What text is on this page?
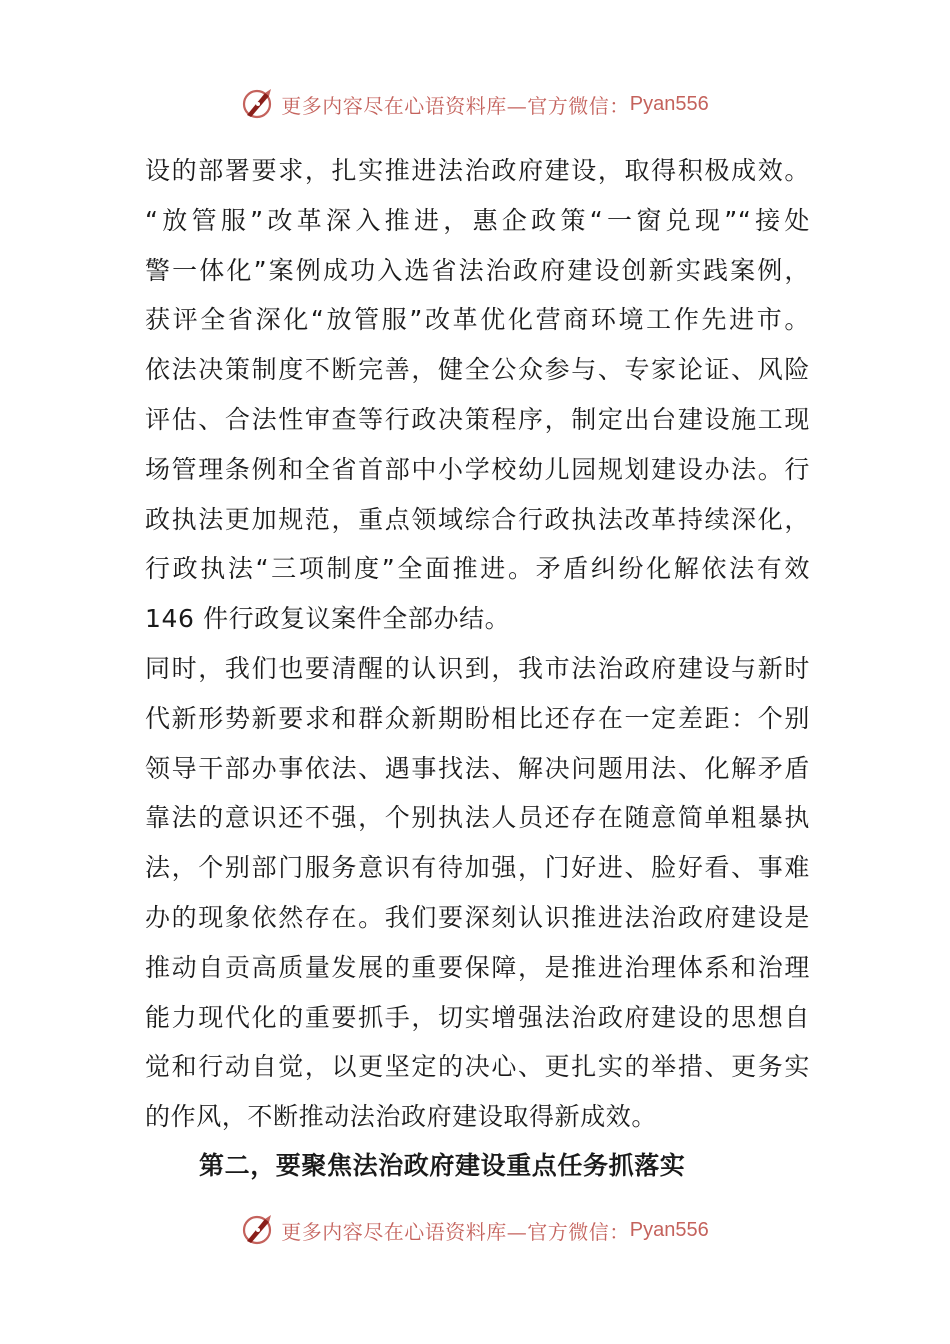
更多内容尽在心语资料库—官方微信： Pyan556
设的部署要求，扎实推进法治政府建设，取得积极成效。
“放管服”改革深入推进，惠企政策“一窗兑现”“接处
警一体化”案例成功入选省法治政府建设创新实践案例，
获评全省深化“放管服”改革优化营商环境工作先进市。
依法决策制度不断完善，健全公众参与、专家论证、风险
评估、合法性审查等行政决策程序，制定出台建设施工现
场管理条例和全省首部中小学校幼儿园规划建设办法。行
政执法更加规范，重点领域综合行政执法改革持续深化，
行政执法“三项制度”全面推进。矛盾纠纷化解依法有效
146 件行政复议案件全部办结。
同时，我们也要清醒的认识到，我市法治政府建设与新时
代新形势新要求和群众新期盼相比还存在一定差距：个别
领导干部办事依法、遇事找法、解决问题用法、化解矛盾
靠法的意识还不强，个别执法人员还存在随意简单粗暴执
法，个别部门服务意识有待加强，门好进、脸好看、事难
办的现象依然存在。我们要深刻认识推进法治政府建设是
推动自贡高质量发展的重要保障，是推进治理体系和治理
能力现代化的重要抓手，切实增强法治政府建设的思想自
觉和行动自觉，以更坚定的决心、更扎实的举措、更务实
的作风，不断推动法治政府建设取得新成效。
第二，要聚焦法治政府建设重点任务抓落实
更多内容尽在心语资料库—官方微信： Pyan556
